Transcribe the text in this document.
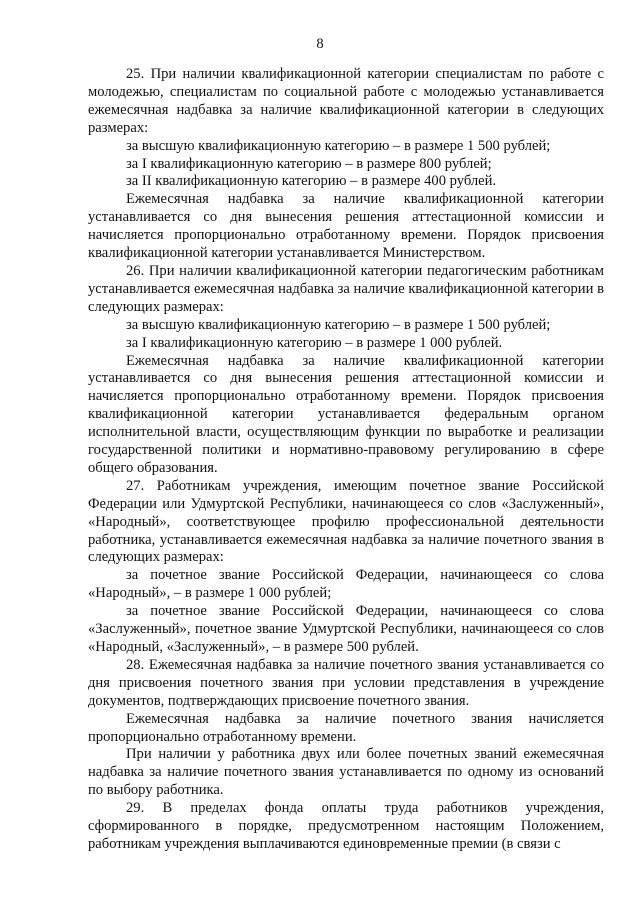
8

25. При наличии квалификационной категории специалистам по работе с молодежью, специалистам по социальной работе с молодежью устанавливается ежемесячная надбавка за наличие квалификационной категории в следующих размерах:

за высшую квалификационную категорию – в размере 1 500 рублей;

за I квалификационную категорию – в размере 800 рублей;

за II квалификационную категорию – в размере 400 рублей.

Ежемесячная надбавка за наличие квалификационной категории устанавливается со дня вынесения решения аттестационной комиссии и начисляется пропорционально отработанному времени. Порядок присвоения квалификационной категории устанавливается Министерством.

26. При наличии квалификационной категории педагогическим работникам устанавливается ежемесячная надбавка за наличие квалификационной категории в следующих размерах:

за высшую квалификационную категорию – в размере 1 500 рублей;

за I квалификационную категорию – в размере 1 000 рублей.

Ежемесячная надбавка за наличие квалификационной категории устанавливается со дня вынесения решения аттестационной комиссии и начисляется пропорционально отработанному времени. Порядок присвоения квалификационной категории устанавливается федеральным органом исполнительной власти, осуществляющим функции по выработке и реализации государственной политики и нормативно-правовому регулированию в сфере общего образования.

27. Работникам учреждения, имеющим почетное звание Российской Федерации или Удмуртской Республики, начинающееся со слов «Заслуженный», «Народный», соответствующее профилю профессиональной деятельности работника, устанавливается ежемесячная надбавка за наличие почетного звания в следующих размерах:

за почетное звание Российской Федерации, начинающееся со слова «Народный», – в размере 1 000 рублей;

за почетное звание Российской Федерации, начинающееся со слова «Заслуженный», почетное звание Удмуртской Республики, начинающееся со слов «Народный, «Заслуженный», – в размере 500 рублей.

28. Ежемесячная надбавка за наличие почетного звания устанавливается со дня присвоения почетного звания при условии представления в учреждение документов, подтверждающих присвоение почетного звания.

Ежемесячная надбавка за наличие почетного звания начисляется пропорционально отработанному времени.

При наличии у работника двух или более почетных званий ежемесячная надбавка за наличие почетного звания устанавливается по одному из оснований по выбору работника.

29. В пределах фонда оплаты труда работников учреждения, сформированного в порядке, предусмотренном настоящим Положением, работникам учреждения выплачиваются единовременные премии (в связи с
